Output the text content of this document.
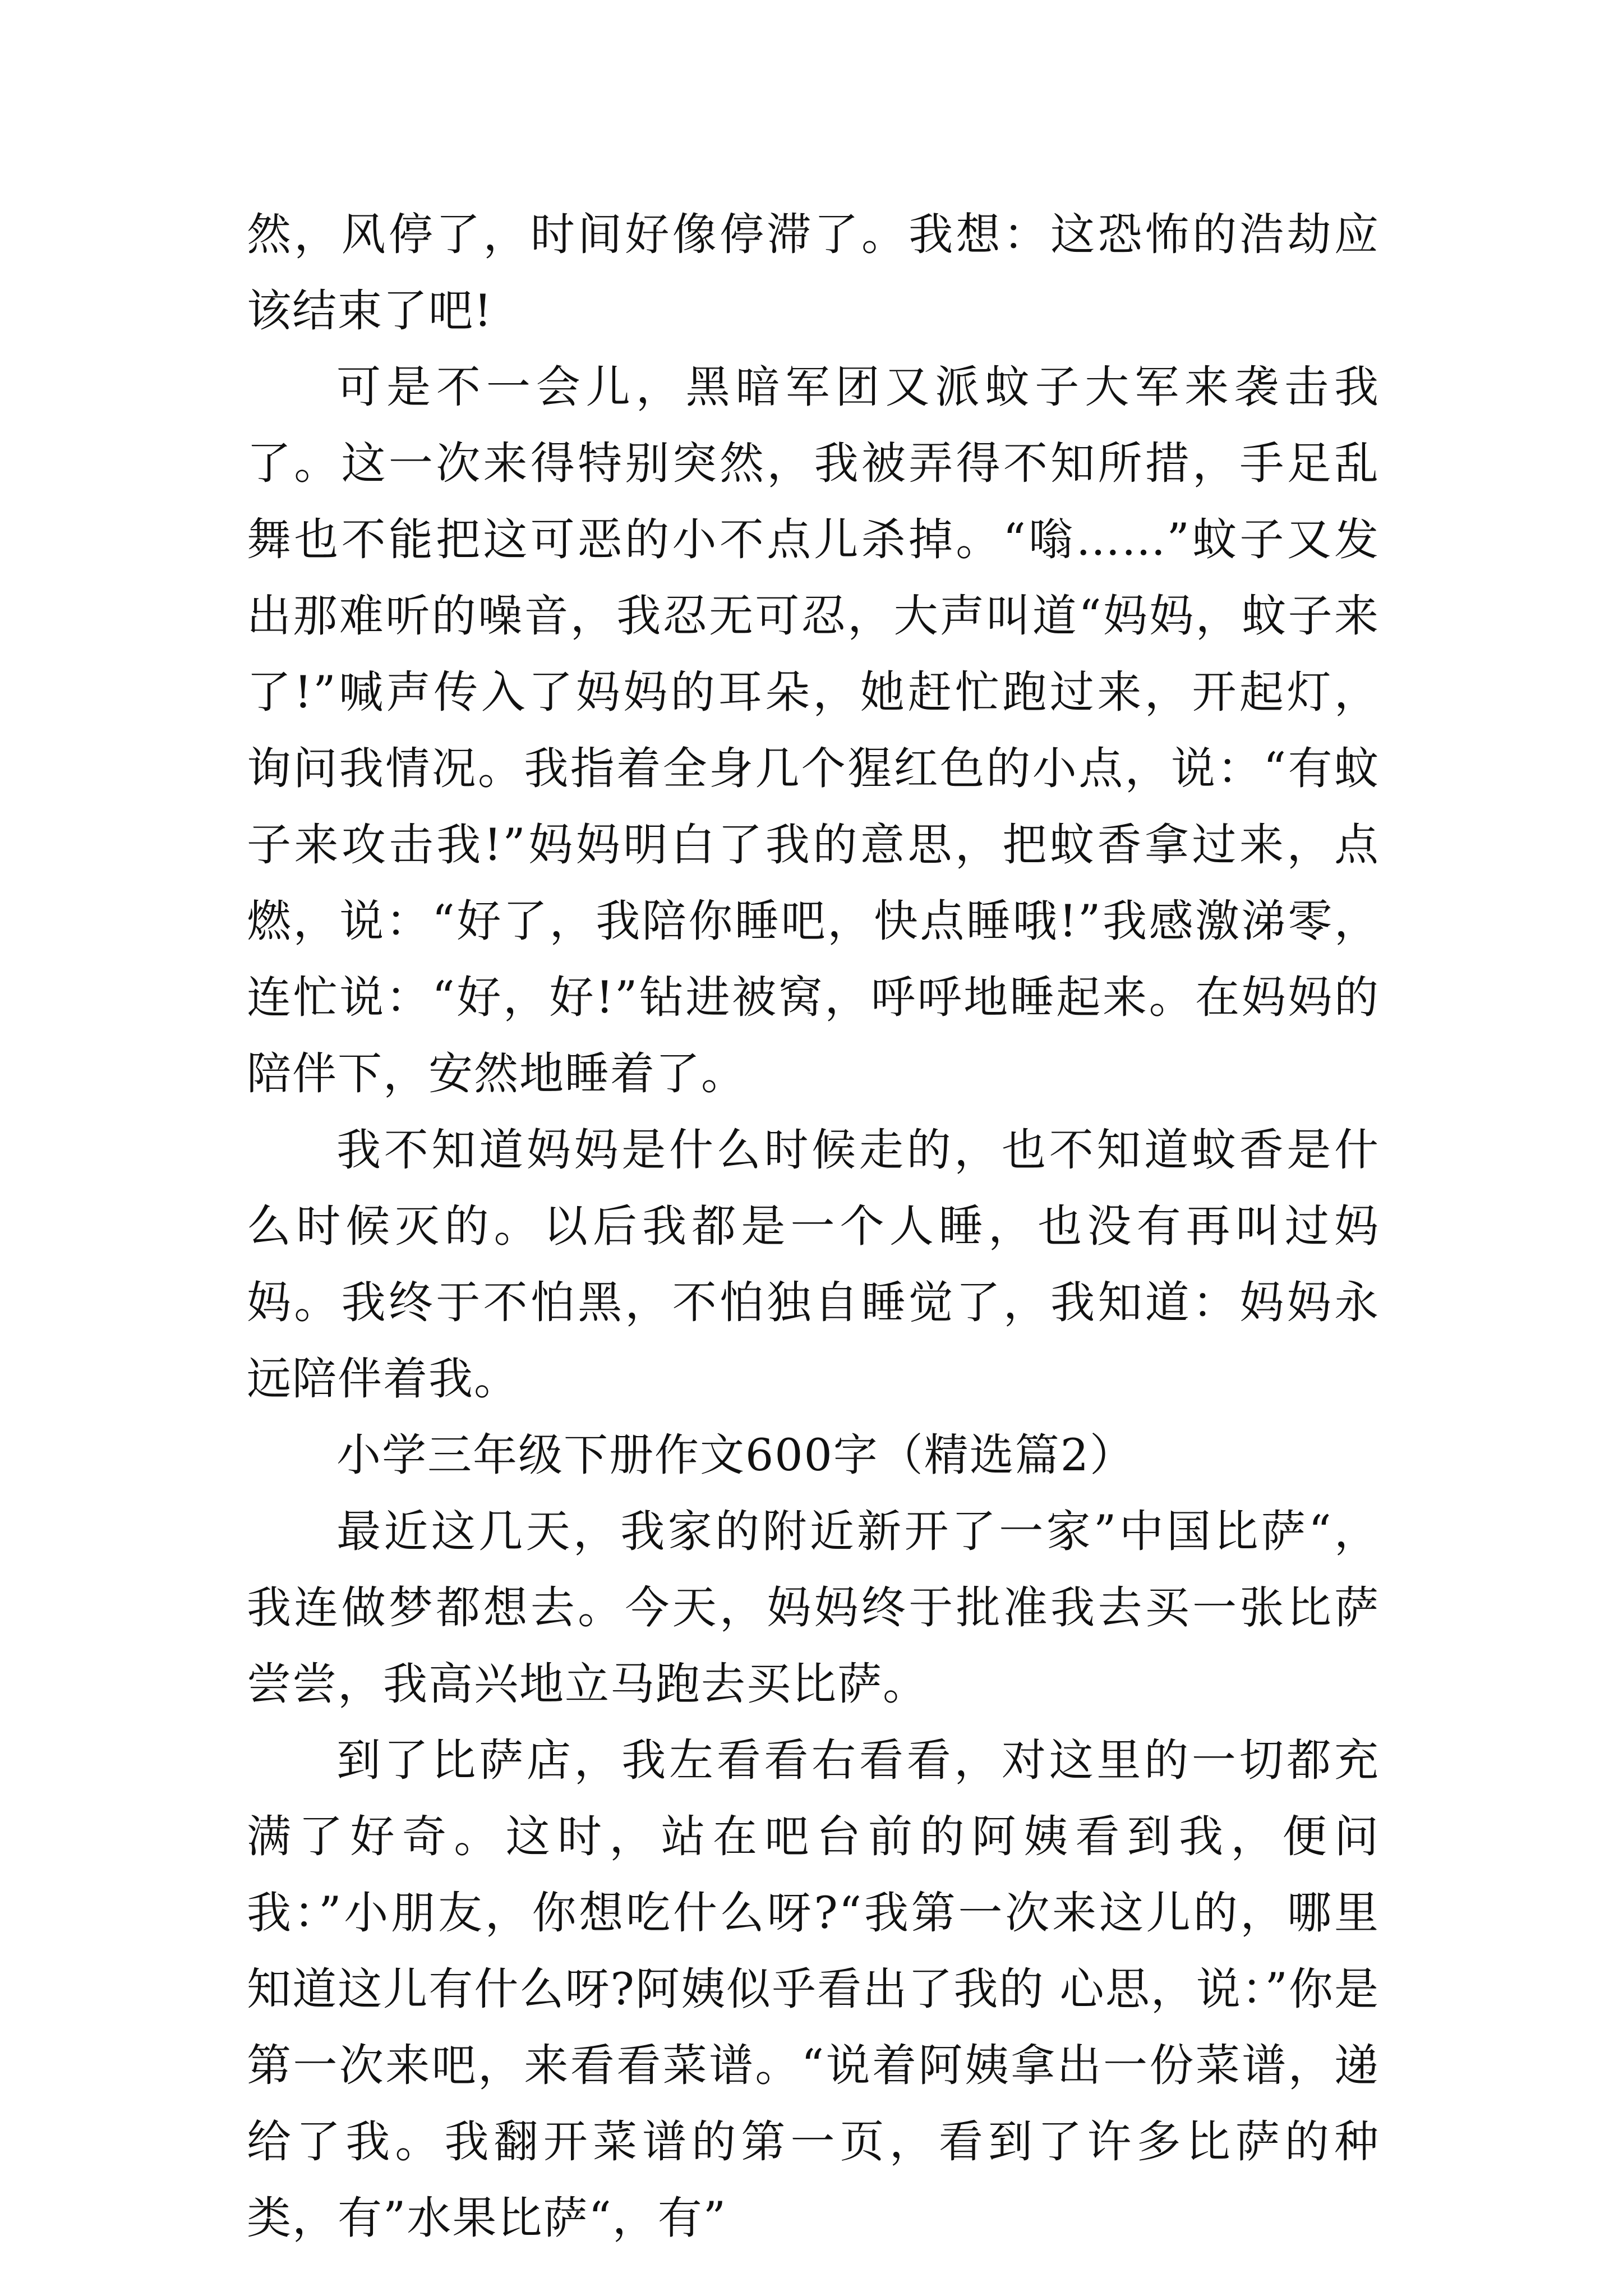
然，风停了，时间好像停滞了。我想：这恐怖的浩劫应该结束了吧!

可是不一会儿，黑暗军团又派蚊子大军来袭击我了。这一次来得特别突然，我被弄得不知所措，手足乱舞也不能把这可恶的小不点儿杀掉。“嗡……”蚊子又发出那难听的噪音，我忍无可忍，大声叫道“妈妈，蚊子来了!”喊声传入了妈妈的耳朵，她赶忙跑过来，开起灯，询问我情况。我指着全身几个猩红色的小点，说：“有蚊子来攻击我!”妈妈明白了我的意思，把蚊香拿过来，点燃，说：“好了，我陪你睡吧，快点睡哦!”我感激涕零，连忙说：“好，好!”钻进被窝，呼呼地睡起来。在妈妈的陪伴下，安然地睡着了。

我不知道妈妈是什么时候走的，也不知道蚊香是什么时候灭的。以后我都是一个人睡，也没有再叫过妈妈。我终于不怕黑，不怕独自睡觉了，我知道：妈妈永远陪伴着我。

小学三年级下册作文600字（精选篇2）

最近这几天，我家的附近新开了一家”中国比萨“，我连做梦都想去。今天，妈妈终于批准我去买一张比萨尝尝，我高兴地立马跑去买比萨。

到了比萨店，我左看看右看看，对这里的一切都充满了好奇。这时，站在吧台前的阿姨看到我，便问我：”小朋友，你想吃什么呀?“我第一次来这儿的，哪里知道这儿有什么呀?阿姨似乎看出了我的 心思，说：”你是第一次来吧，来看看菜谱。“说着阿姨拿出一份菜谱，递给了我。我翻开菜谱的第一页，看到了许多比萨的种类，有”水果比萨“，有”
